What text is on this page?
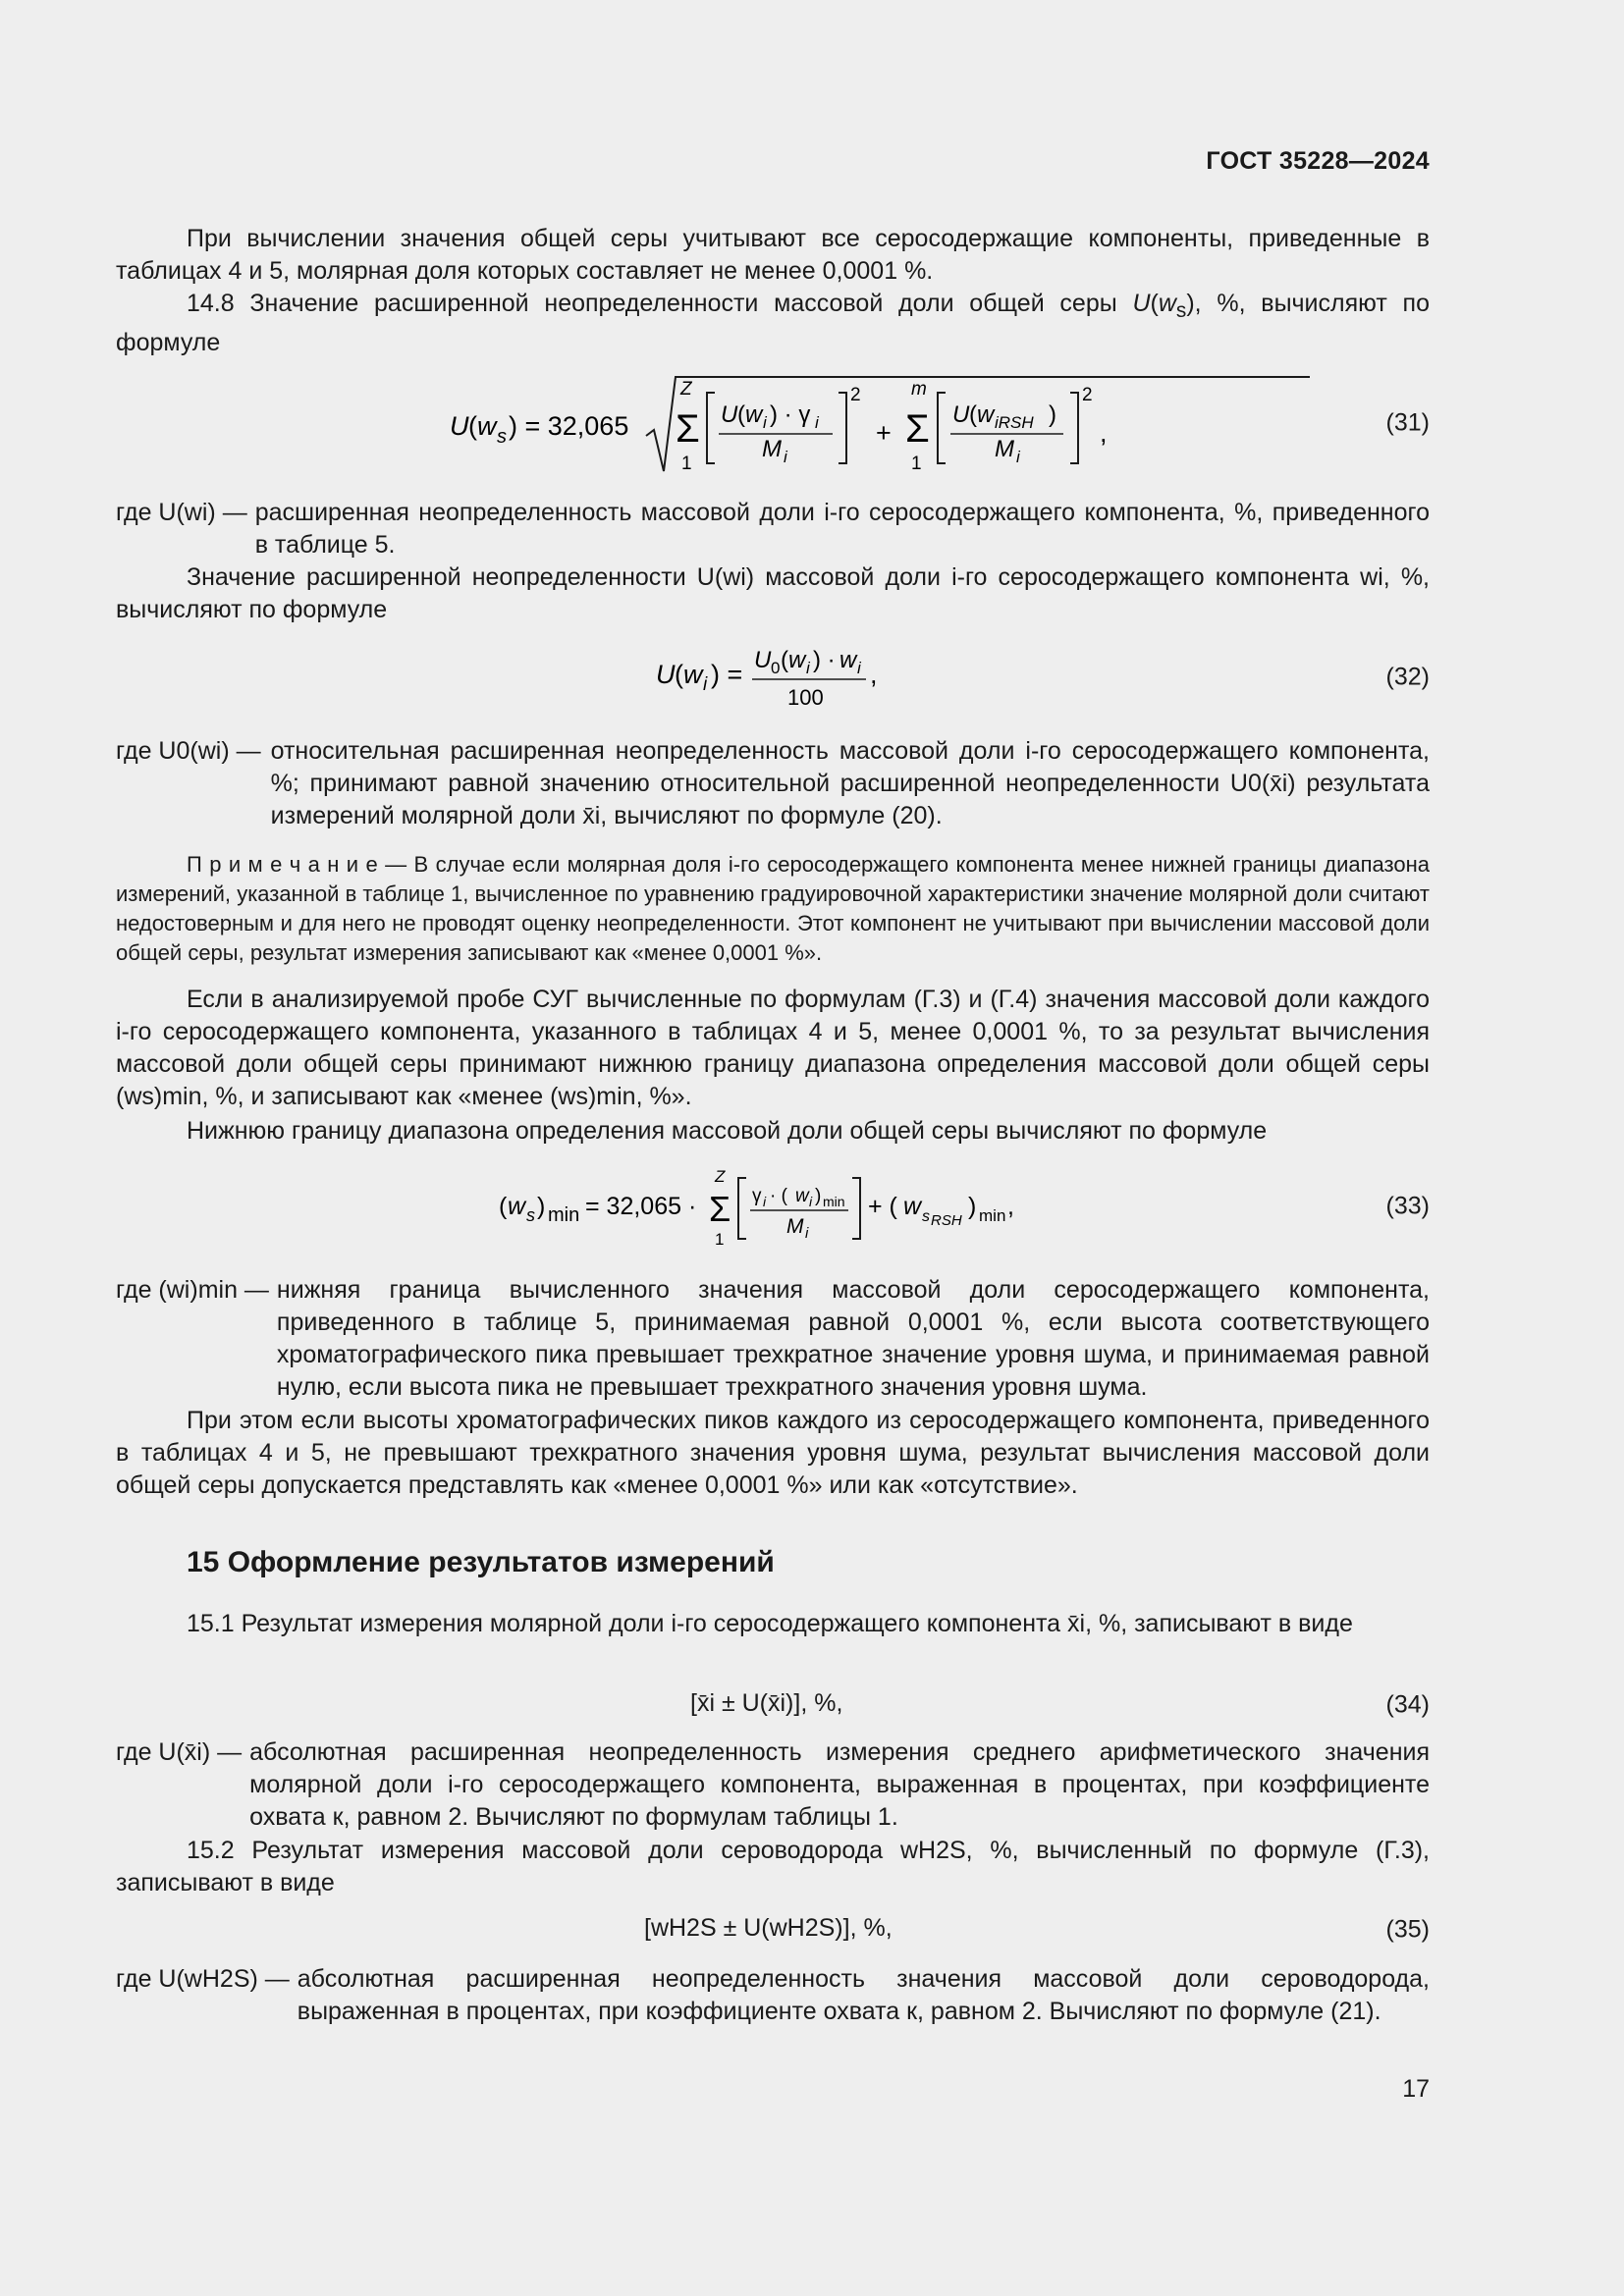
ГОСТ 35228—2024

При вычислении значения общей серы учитывают все серосодержащие компоненты, приведенные в таблицах 4 и 5, молярная доля которых составляет не менее 0,0001 %.

14.8 Значение расширенной неопределенности массовой доли общей серы $U(w_s)$, %, вычисляют по формуле

U ( w s ) = 32,065
Z
Σ
1
U ( w i ) · γ i
M i
2
+
m
Σ
1
U ( w iRSH )
M i
2
,	(31)
где U(wi) — расширенная неопределенность массовой доли i-го серосодержащего компонента, %, приведенного в таблице 5.

Значение расширенной неопределенности U(wi) массовой доли i-го серосодержащего компонента wi, %, вычисляют по формуле

U ( w i ) = U 0 ( w i ) · w i
100
,	(32)
где U0(wi) — относительная расширенная неопределенность массовой доли i-го серосодержащего компонента, %; принимают равной значению относительной расширенной неопределенности U0(x̄i) результата измерений молярной доли x̄i, вычисляют по формуле (20).

П р и м е ч а н и е — В случае если молярная доля i-го серосодержащего компонента менее нижней границы диапазона измерений, указанной в таблице 1, вычисленное по уравнению градуировочной характеристики значение молярной доли считают недостоверным и для него не проводят оценку неопределенности. Этот компонент не учитывают при вычислении массовой доли общей серы, результат измерения записывают как «менее 0,0001 %».

Если в анализируемой пробе СУГ вычисленные по формулам (Г.3) и (Г.4) значения массовой доли каждого i-го серосодержащего компонента, указанного в таблицах 4 и 5, менее 0,0001 %, то за результат вычисления массовой доли общей серы принимают нижнюю границу диапазона определения массовой доли общей серы (ws)min, %, и записывают как «менее (ws)min, %».

Нижнюю границу диапазона определения массовой доли общей серы вычисляют по формуле

( w s ) min = 32,065 ·
Z
Σ
1
γ i · ( w i ) min
M i
+ ( w s RSH
) min ,	(33)
где (wi)min — нижняя граница вычисленного значения массовой доли серосодержащего компонента, приведенного в таблице 5, принимаемая равной 0,0001 %, если высота соответствующего хроматографического пика превышает трехкратное значение уровня шума, и принимаемая равной нулю, если высота пика не превышает трехкратного значения уровня шума.

При этом если высоты хроматографических пиков каждого из серосодержащего компонента, приведенного в таблицах 4 и 5, не превышают трехкратного значения уровня шума, результат вычисления массовой доли общей серы допускается представлять как «менее 0,0001 %» или как «отсутствие».

15 Оформление результатов измерений

15.1 Результат измерения молярной доли i-го серосодержащего компонента x̄i, %, записывают в виде

[x̄i ± U(x̄i)], %,	(34)
где U(x̄i) — абсолютная расширенная неопределенность измерения среднего арифметического значения молярной доли i-го серосодержащего компонента, выраженная в процентах, при коэффициенте охвата к, равном 2. Вычисляют по формулам таблицы 1.

15.2 Результат измерения массовой доли сероводорода wH2S, %, вычисленный по формуле (Г.3), записывают в виде

[wH2S ± U(wH2S)], %,	(35)
где U(wH2S) — абсолютная расширенная неопределенность значения массовой доли сероводорода, выраженная в процентах, при коэффициенте охвата к, равном 2. Вычисляют по формуле (21).
17
